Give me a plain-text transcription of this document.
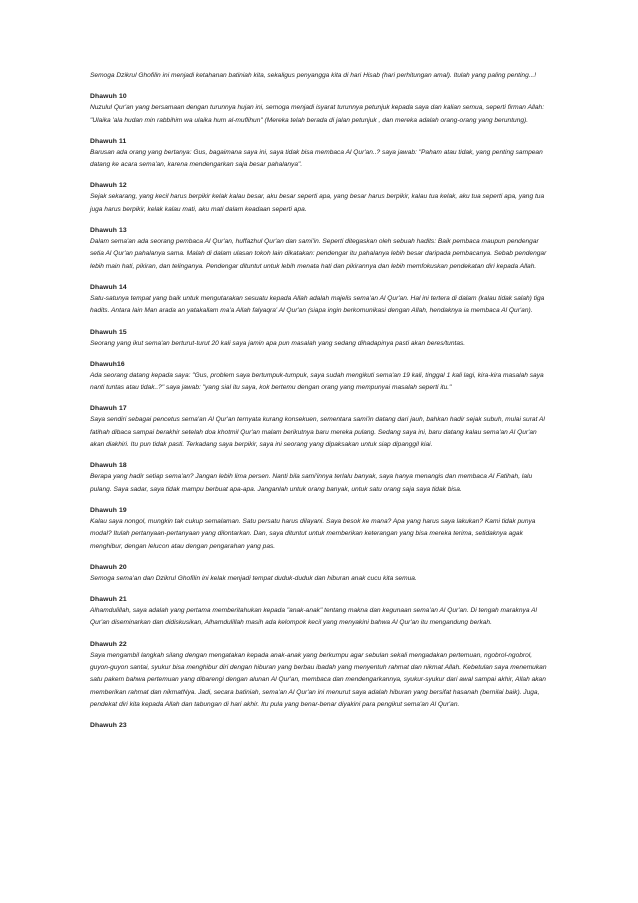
Semoga Dzikrul Ghofilin ini menjadi ketahanan batiniah kita, sekaligus penyangga kita di hari Hisab (hari perhitungan amal). Itulah yang paling penting...!

Dhawuh 10

Nuzulul Qur'an yang bersamaan dengan turunnya hujan ini, semoga menjadi isyarat turunnya petunjuk kepada saya dan kalian semua, seperti firman Allah: "Ulaika 'ala hudan min rabbihim wa ulaika hum al-muflihun" (Mereka telah berada di jalan petunjuk , dan mereka adalah orang-orang yang beruntung).

Dhawuh 11

Barusan ada orang yang bertanya: Gus, bagaimana saya ini, saya tidak bisa membaca Al Qur'an..? saya jawab: "Paham atau tidak, yang penting sampean datang ke acara sema'an, karena mendengarkan saja besar pahalanya".

Dhawuh 12

Sejak sekarang, yang kecil harus berpikir kelak kalau besar, aku besar seperti apa, yang besar harus berpikir, kalau tua kelak, aku tua seperti apa, yang tua juga harus berpikir, kelak kalau mati, aku mati dalam keadaan seperti apa.

Dhawuh 13

Dalam sema'an ada seorang pembaca Al Qur'an, huffazhul Qur'an dan sami'in. Seperti ditegaskan oleh sebuah hadits: Baik pembaca maupun pendengar setia Al Qur'an pahalanya sama. Malah di dalam ulasan tokoh lain dikatakan: pendengar itu pahalanya lebih besar daripada pembacanya. Sebab pendengar lebih main hati, pikiran, dan telinganya. Pendengar dituntut untuk lebih menata hati dan pikirannya dan lebih memfokuskan pendekatan diri kepada Allah.

Dhawuh 14

Satu-satunya tempat yang baik untuk mengutarakan sesuatu kepada Allah adalah majelis sema'an Al Qur'an. Hal ini tertera di dalam (kalau tidak salah) tiga hadits. Antara lain Man arada an yatakallam ma'a Allah falyaqra' Al Qur'an (siapa ingin berkomunikasi dengan Allah, hendaknya ia membaca Al Qur'an).

Dhawuh 15

Seorang yang ikut sema'an berturut-turut 20 kali saya jamin apa pun masalah yang sedang dihadapinya pasti akan beres/tuntas.

Dhawuh16

Ada seorang datang kepada saya: "Gus, problem saya bertumpuk-tumpuk, saya sudah mengikuti sema'an 19 kali, tinggal 1 kali lagi, kira-kira masalah saya nanti tuntas atau tidak..?" saya jawab: "yang sial itu saya, kok bertemu dengan orang yang mempunyai masalah seperti itu."

Dhawuh 17

Saya sendiri sebagai pencetus sema'an Al Qur'an ternyata kurang konsekuen, sementara sami'in datang dari jauh, bahkan hadir sejak subuh, mulai surat Al fatihah dibaca sampai berakhir setelah doa khotmil Qur'an malam berikutnya baru mereka pulang. Sedang saya ini, baru datang kalau sema'an Al Qur'an akan diakhiri. Itu pun tidak pasti. Terkadang saya berpikir, saya ini seorang yang dipaksakan untuk siap dipanggil kiai.

Dhawuh 18

Berapa yang hadir setiap sema'an? Jangan lebih lima persen. Nanti bila sami'innya terlalu banyak, saya hanya menangis dan membaca Al Fatihah, lalu pulang. Saya sadar, saya tidak mampu berbuat apa-apa. Janganlah untuk orang banyak, untuk satu orang saja saya tidak bisa.

Dhawuh 19

Kalau saya nongol, mungkin tak cukup semalaman. Satu persatu harus dilayani. Saya besok ke mana? Apa yang harus saya lakukan? Kami tidak punya modal? Itulah pertanyaan-pertanyaan yang dilontarkan. Dan, saya dituntut untuk memberikan keterangan yang bisa mereka terima, setidaknya agak menghibur, dengan lelucon atau dengan pengarahan yang pas.

Dhawuh 20

Semoga sema'an dan Dzikrul Ghofilin ini kelak menjadi tempat duduk-duduk dan hiburan anak cucu kita semua.

Dhawuh 21

Alhamdulillah, saya adalah yang pertama memberitahukan kepada "anak-anak" tentang makna dan kegunaan sema'an Al Qur'an. Di tengah maraknya Al Qur'an diseminarkan dan didiskusikan, Alhamdulillah masih ada kelompok kecil yang menyakini bahwa Al Qur'an itu mengandung berkah.

Dhawuh 22

Saya mengambil langkah silang dengan mengatakan kepada anak-anak yang berkumpu agar sebulan sekali mengadakan pertemuan, ngobrol-ngobrol, guyon-guyon santai, syukur bisa menghibur diri dengan hiburan yang berbau ibadah yang menyentuh rahmat dan nikmat Allah. Kebetulan saya menemukan satu pakem bahwa pertemuan yang dibarengi dengan alunan Al Qur'an, membaca dan mendengarkannya, syukur-syukur dari awal sampai akhir, Allah akan memberikan rahmat dan nikmatNya. Jadi, secara batiniah, sema'an Al Qur'an ini menurut saya adalah hiburan yang bersifat hasanah (bernilai baik). Juga, pendekat diri kita kepada Allah dan tabungan di hari akhir. Itu pula yang benar-benar diyakini para pengikut sema'an Al Qur'an.

Dhawuh 23
